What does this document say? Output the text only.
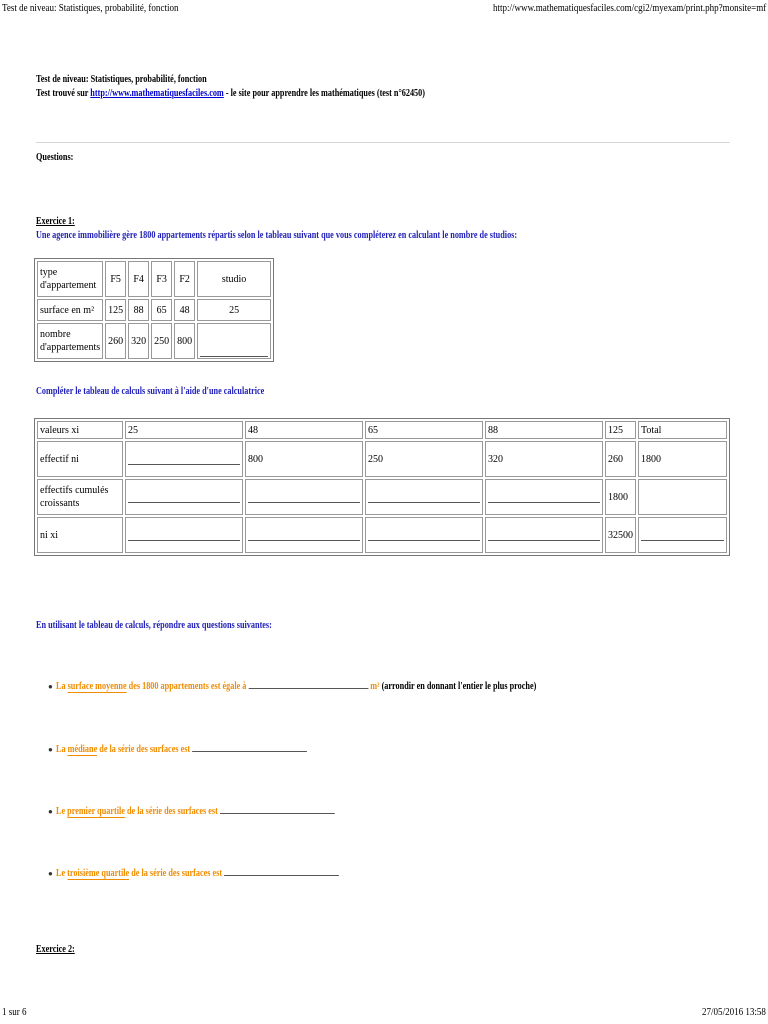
Test de niveau: Statistiques, probabilité, fonction	http://www.mathematiquesfaciles.com/cgi2/myexam/print.php?monsite=mf
Test de niveau: Statistiques, probabilité, fonction
Test trouvé sur http://www.mathematiquesfaciles.com - le site pour apprendre les mathématiques (test n°62450)
Questions:
Exercice 1:
Une agence immobilière gère 1800 appartements répartis selon le tableau suivant que vous compléterez en calculant le nombre de studios:
type d'appartement	F5	F4	F3	F2	studio
surface en m²	125	88	65	48	25
nombre d'appartements	260	320	250	800	
Compléter le tableau de calculs suivant à l'aide d'une calculatrice
valeurs xi	25	48	65	88	125	Total
effectif ni		800	250	320	260	1800
effectifs cumulés croissants					1800	
ni xi					32500	
En utilisant le tableau de calculs, répondre aux questions suivantes:
● La surface moyenne des 1800 appartements est égale à	m² (arrondir en donnant l'entier le plus proche)
● La médiane de la série des surfaces est
● Le premier quartile de la série des surfaces est
● Le troisième quartile de la série des surfaces est
Exercice 2:
1 sur 6	27/05/2016 13:58
